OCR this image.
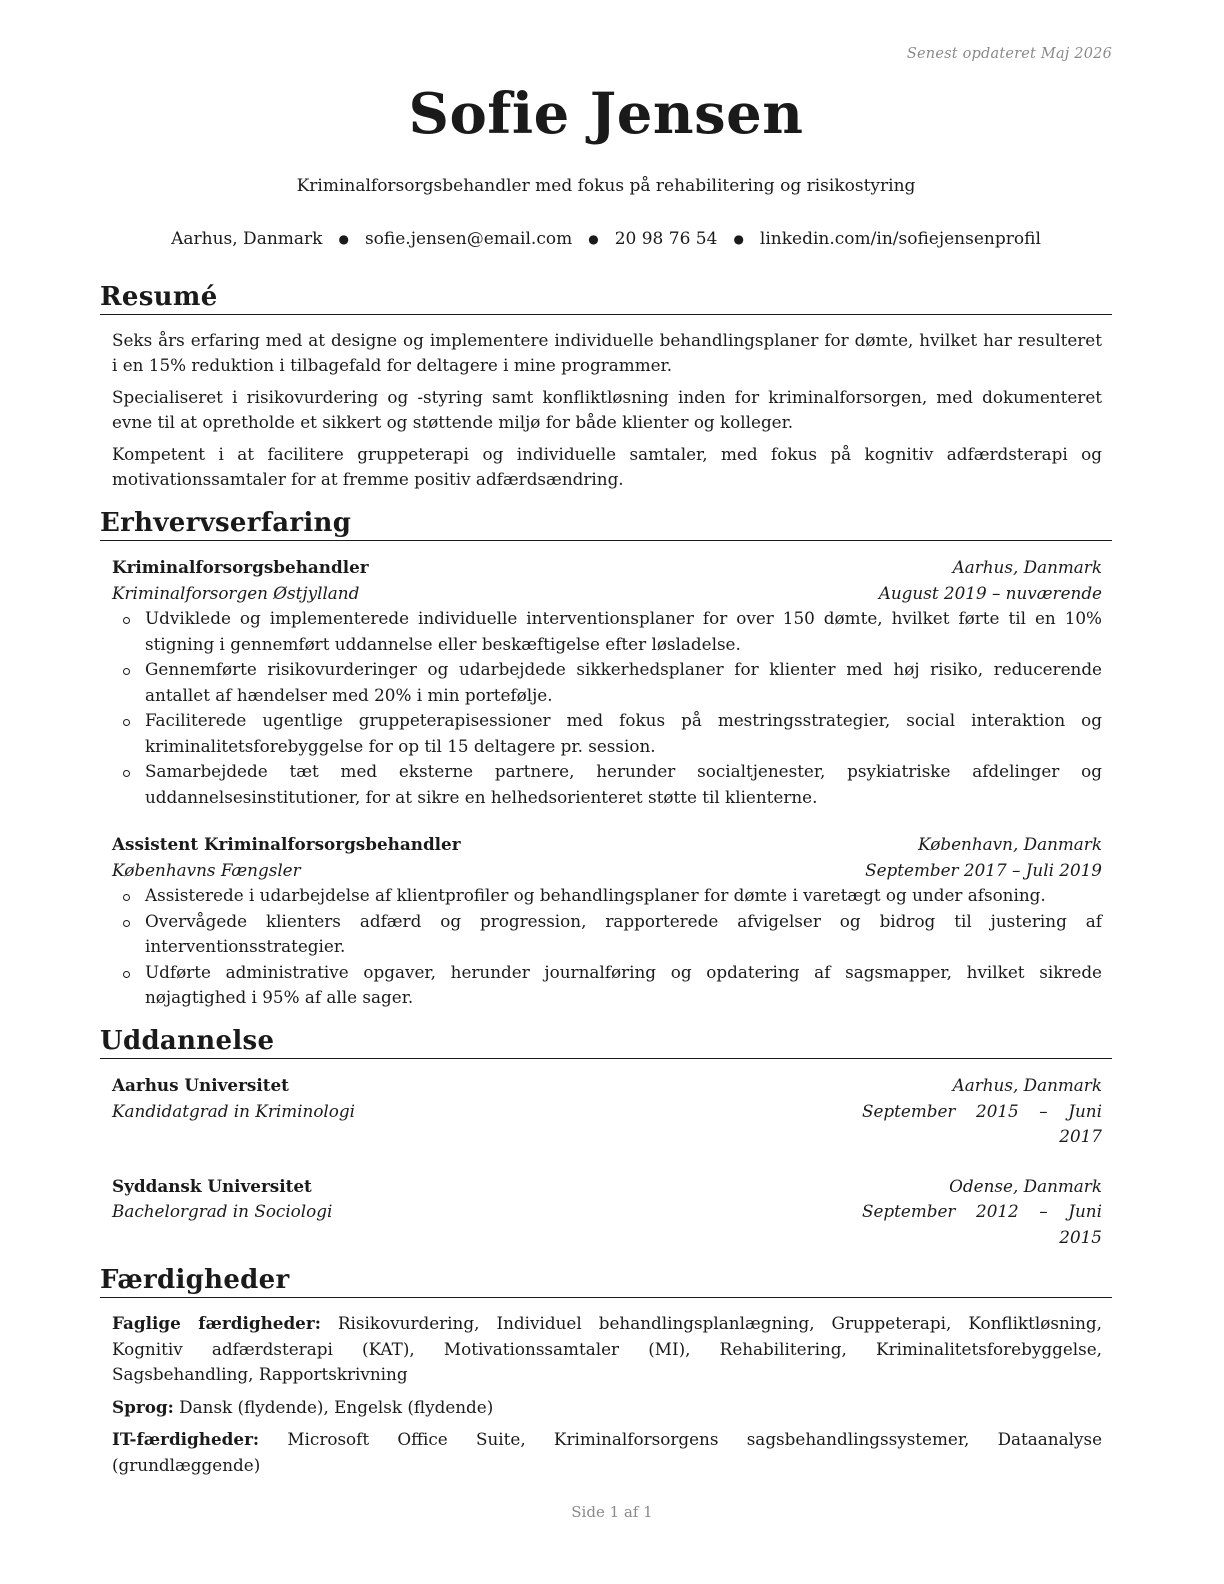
Senest opdateret Maj 2026
Sofie Jensen
Kriminalforsorgsbehandler med fokus på rehabilitering og risikostyring
Aarhus, Danmark ● sofie.jensen@email.com ● 20 98 76 54 ● linkedin.com/in/sofiejensenprofil
Resumé
Seks års erfaring med at designe og implementere individuelle behandlingsplaner for dømte, hvilket har resulteret i en 15% reduktion i tilbagefald for deltagere i mine programmer.
Specialiseret i risikovurdering og -styring samt konfliktløsning inden for kriminalforsorgen, med dokumenteret evne til at opretholde et sikkert og støttende miljø for både klienter og kolleger.
Kompetent i at facilitere gruppeterapi og individuelle samtaler, med fokus på kognitiv adfærdsterapi og motivationssamtaler for at fremme positiv adfærdsændring.
Erhvervserfaring
Kriminalforsorgsbehandler	Aarhus, Danmark
Kriminalforsorgen Østjylland	August 2019 – nuværende
Udviklede og implementerede individuelle interventionsplaner for over 150 dømte, hvilket førte til en 10% stigning i gennemført uddannelse eller beskæftigelse efter løsladelse.
Gennemførte risikovurderinger og udarbejdede sikkerhedsplaner for klienter med høj risiko, reducerende antallet af hændelser med 20% i min portefølje.
Faciliterede ugentlige gruppeterapisessioner med fokus på mestringsstrategier, social interaktion og kriminalitetsforebyggelse for op til 15 deltagere pr. session.
Samarbejdede tæt med eksterne partnere, herunder socialtjenester, psykiatriske afdelinger og uddannelsesinstitutioner, for at sikre en helhedsorienteret støtte til klienterne.
Assistent Kriminalforsorgsbehandler	København, Danmark
Københavns Fængsler	September 2017 – Juli 2019
Assisterede i udarbejdelse af klientprofiler og behandlingsplaner for dømte i varetægt og under afsoning.
Overvågede klienters adfærd og progression, rapporterede afvigelser og bidrog til justering af interventionsstrategier.
Udførte administrative opgaver, herunder journalføring og opdatering af sagsmapper, hvilket sikrede nøjagtighed i 95% af alle sager.
Uddannelse
Aarhus Universitet	Aarhus, Danmark
Kandidatgrad in Kriminologi	September 2015 – Juni
2017
Syddansk Universitet	Odense, Danmark
Bachelorgrad in Sociologi	September 2012 – Juni
2015
Færdigheder
Faglige færdigheder: Risikovurdering, Individuel behandlingsplanlægning, Gruppeterapi, Konfliktløsning, Kognitiv adfærdsterapi (KAT), Motivationssamtaler (MI), Rehabilitering, Kriminalitetsforebyggelse, Sagsbehandling, Rapportskrivning
Sprog: Dansk (flydende), Engelsk (flydende)
IT-færdigheder: Microsoft Office Suite, Kriminalforsorgens sagsbehandlingssystemer, Dataanalyse (grundlæggende)
Side 1 af 1
